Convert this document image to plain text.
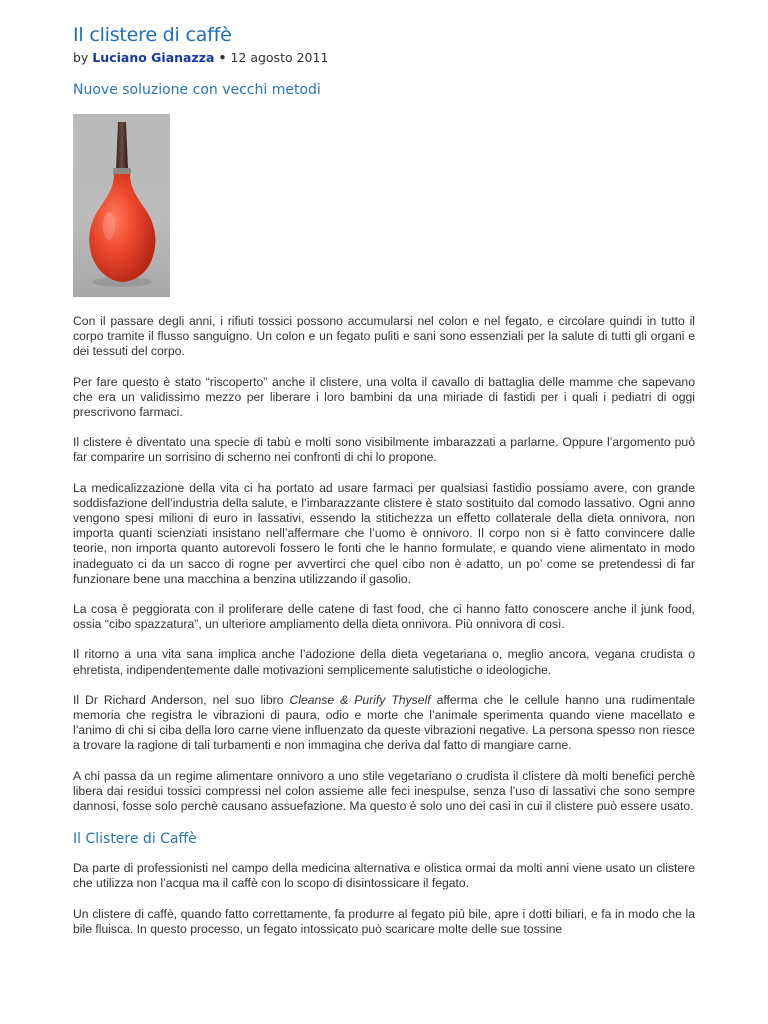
Il clistere di caffè
by Luciano Gianazza • 12 agosto 2011
Nuove soluzione con vecchi metodi

Con il passare degli anni, i rifiuti tossici possono accumularsi nel colon e nel fegato, e circolare quindi in tutto il corpo tramite il flusso sanguigno. Un colon e un fegato puliti e sani sono essenziali per la salute di tutti gli organi e dei tessuti del corpo.

Per fare questo è stato “riscoperto” anche il clistere, una volta il cavallo di battaglia delle mamme che sapevano che era un validissimo mezzo per liberare i loro bambini da una miriade di fastidi per i quali i pediatri di oggi prescrivono farmaci.

Il clistere è diventato una specie di tabù e molti sono visibilmente imbarazzati a parlarne. Oppure l’argomento può far comparire un sorrisino di scherno nei confronti di chi lo propone.

La medicalizzazione della vita ci ha portato ad usare farmaci per qualsiasi fastidio possiamo avere, con grande soddisfazione dell’industria della salute, e l’imbarazzante clistere è stato sostituito dal comodo lassativo. Ogni anno vengono spesi milioni di euro in lassativi, essendo la stitichezza un effetto collaterale della dieta onnivora, non importa quanti scienziati insistano nell’affermare che l’uomo è onnivoro. Il corpo non si è fatto convincere dalle teorie, non importa quanto autorevoli fossero le fonti che le hanno formulate, e quando viene alimentato in modo inadeguato ci da un sacco di rogne per avvertirci che quel cibo non è adatto, un po’ come se pretendessi di far funzionare bene una macchina a benzina utilizzando il gasolio.

La cosa è peggiorata con il proliferare delle catene di fast food, che ci hanno fatto conoscere anche il junk food, ossia “cibo spazzatura”, un ulteriore ampliamento della dieta onnivora. Più onnivora di così.

Il ritorno a una vita sana implica anche l’adozione della dieta vegetariana o, meglio ancora, vegana crudista o ehretista, indipendentemente dalle motivazioni semplicemente salutistiche o ideologiche.

Il Dr Richard Anderson, nel suo libro Cleanse & Purify Thyself afferma che le cellule hanno una rudimentale memoria che registra le vibrazioni di paura, odio e morte che l’animale sperimenta quando viene macellato e l’animo di chi si ciba della loro carne viene influenzato da queste vibrazioni negative. La persona spesso non riesce a trovare la ragione di tali turbamenti e non immagina che deriva dal fatto di mangiare carne.

A chi passa da un regime alimentare onnivoro a uno stile vegetariano o crudista il clistere dà molti benefici perchè libera dai residui tossici compressi nel colon assieme alle feci inespulse, senza l’uso di lassativi che sono sempre dannosi, fosse solo perchè causano assuefazione. Ma questo è solo uno dei casi in cui il clistere può essere usato.

Il Clistere di Caffè

Da parte di professionisti nel campo della medicina alternativa e olistica ormai da molti anni viene usato un clistere che utilizza non l’acqua ma il caffè con lo scopo di disintossicare il fegato.

Un clistere di caffè, quando fatto correttamente, fa produrre al fegato più bile, apre i dotti biliari, e fa in modo che la bile fluisca. In questo processo, un fegato intossicato può scaricare molte delle sue tossine
